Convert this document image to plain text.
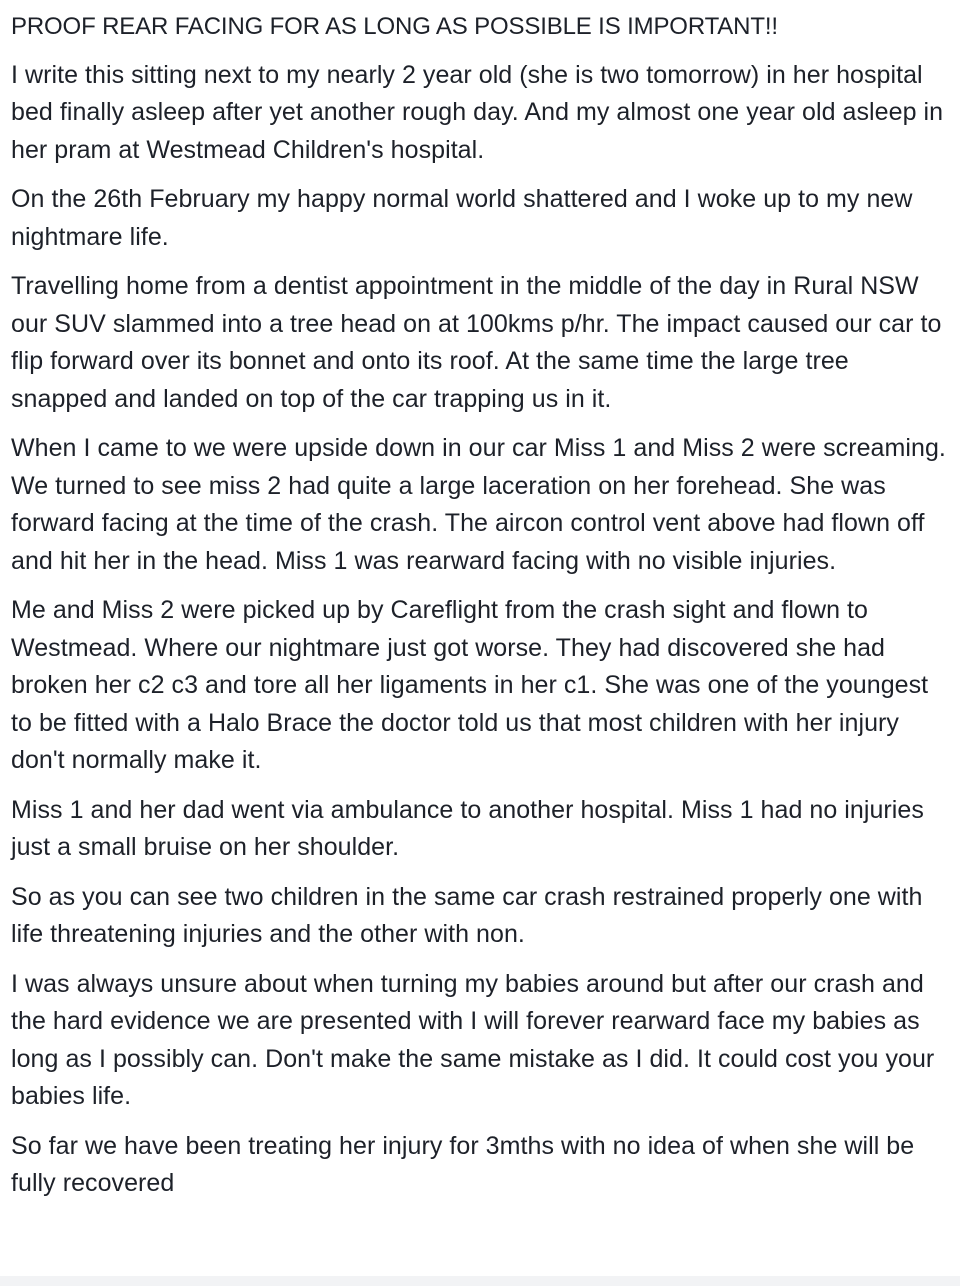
PROOF REAR FACING FOR AS LONG AS POSSIBLE IS IMPORTANT!!

I write this sitting next to my nearly 2 year old (she is two tomorrow) in her hospital bed finally asleep after yet another rough day. And my almost one year old asleep in her pram at Westmead Children's hospital.

On the 26th February my happy normal world shattered and I woke up to my new nightmare life.

Travelling home from a dentist appointment in the middle of the day in Rural NSW our SUV slammed into a tree head on at 100kms p/hr. The impact caused our car to flip forward over its bonnet and onto its roof. At the same time the large tree snapped and landed on top of the car trapping us in it.

When I came to we were upside down in our car Miss 1 and Miss 2 were screaming. We turned to see miss 2 had quite a large laceration on her forehead. She was forward facing at the time of the crash. The aircon control vent above had flown off and hit her in the head. Miss 1 was rearward facing with no visible injuries.

Me and Miss 2 were picked up by Careflight from the crash sight and flown to Westmead. Where our nightmare just got worse. They had discovered she had broken her c2 c3 and tore all her ligaments in her c1. She was one of the youngest to be fitted with a Halo Brace the doctor told us that most children with her injury don't normally make it.

Miss 1 and her dad went via ambulance to another hospital. Miss 1 had no injuries just a small bruise on her shoulder.

So as you can see two children in the same car crash restrained properly one with life threatening injuries and the other with non.

I was always unsure about when turning my babies around but after our crash and the hard evidence we are presented with I will forever rearward face my babies as long as I possibly can. Don't make the same mistake as I did. It could cost you your babies life.

So far we have been treating her injury for 3mths with no idea of when she will be fully recovered
